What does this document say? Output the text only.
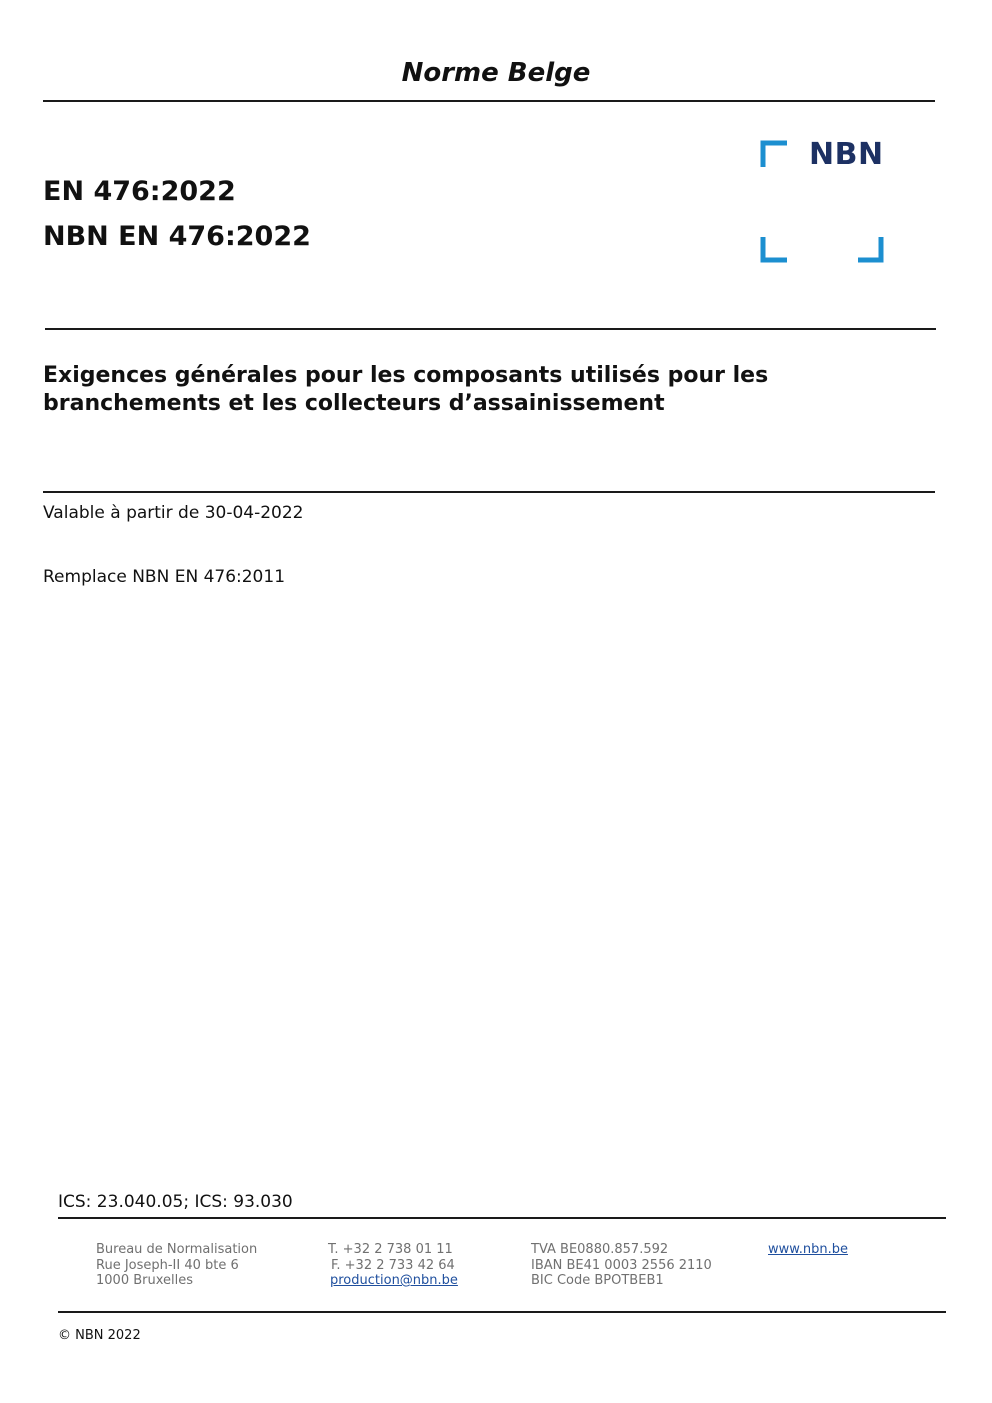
Norme Belge
EN 476:2022
NBN EN 476:2022
NBN
Exigences générales pour les composants utilisés pour les
branchements et les collecteurs d’assainissement
Valable à partir de 30-04-2022
Remplace NBN EN 476:2011
ICS: 23.040.05; ICS: 93.030
Bureau de Normalisation
Rue Joseph-II 40 bte 6
1000 Bruxelles
T. +32 2 738 01 11
F. +32 2 733 42 64
production@nbn.be
TVA BE0880.857.592
IBAN BE41 0003 2556 2110
BIC Code BPOTBEB1
www.nbn.be
© NBN 2022
